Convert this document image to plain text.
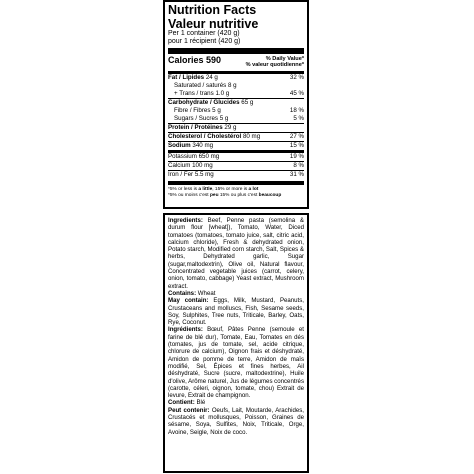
Nutrition Facts
Valeur nutritive
Per 1 container (420 g)
pour 1 récipient (420 g)
Calories 590	% Daily Value*
% valeur quotidienne*
Fat / Lipides 24 g	32 %
Saturated / saturés 8 g
+ Trans / trans 1.0 g	45 %
Carbohydrate / Glucides 65 g
Fibre / Fibres 5 g	18 %
Sugars / Sucres 5 g	5 %
Protein / Protéines 29 g
Cholesterol / Cholestérol 80 mg	27 %
Sodium 340 mg	15 %
Potassium 650 mg	19 %
Calcium 100 mg	8 %
Iron / Fer 5.5 mg	31 %
*5% or less is a little, 15% or more is a lot
*5% ou moins c'est peu 15% ou plus c'est beaucoup

Ingredients: Beef, Penne pasta (semolina & durum flour [wheat]), Tomato, Water, Diced tomatoes (tomatoes, tomato juice, salt, citric acid, calcium chloride), Fresh & dehydrated onion, Potato starch, Modified corn starch, Salt, Spices & herbs, Dehydrated garlic, Sugar (sugar,maltodextrin), Olive oil, Natural flavour, Concentrated vegetable juices (carrot, celery, onion, tomato, cabbage) Yeast extract, Mushroom extract.

Contains: Wheat

May contain: Eggs, Milk, Mustard, Peanuts, Crustaceans and molluscs, Fish, Sesame seeds, Soy, Sulphites, Tree nuts, Triticale, Barley, Oats, Rye, Coconut.

Ingrédients: Bœuf, Pâtes Penne (semoule et farine de blé dur), Tomate, Eau, Tomates en dés (tomates, jus de tomate, sel, acide citrique, chlorure de calcium), Oignon frais et déshydraté, Amidon de pomme de terre, Amidon de maïs modifié, Sel, Épices et fines herbes, Ail déshydraté, Sucre (sucre, maltodextrine), Huile d'olive, Arôme naturel, Jus de légumes concentrés (carotte, céleri, oignon, tomate, chou) Extrait de levure, Extrait de champignon.

Contient: Blé

Peut contenir: Oeufs, Lait, Moutarde, Arachides, Crustacés et mollusques, Poisson, Graines de sésame, Soya, Sulfites, Noix, Triticale, Orge, Avoine, Seigle, Noix de coco.
